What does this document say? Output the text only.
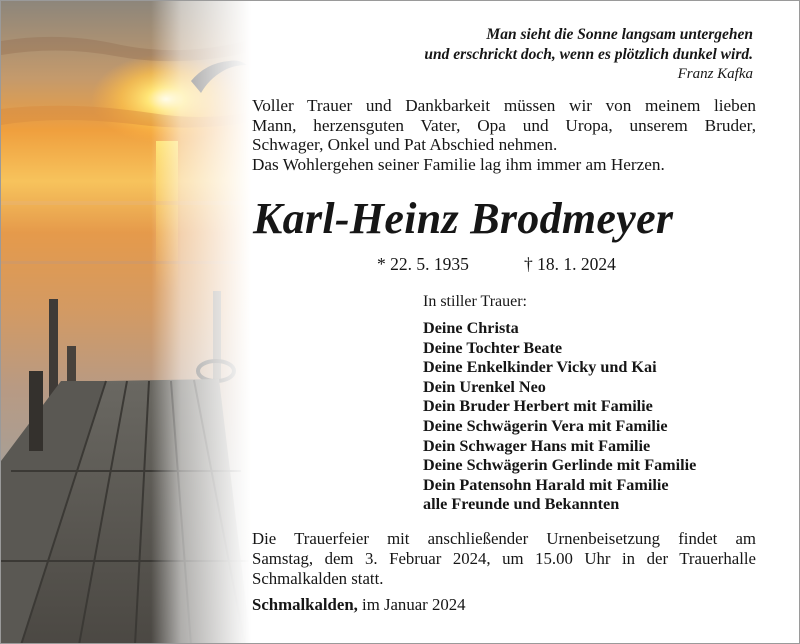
Man sieht die Sonne langsam untergehen
und erschrickt doch, wenn es plötzlich dunkel wird.
Franz Kafka
Voller Trauer und Dankbarkeit müssen wir von meinem lieben
Mann, herzensguten Vater, Opa und Uropa, unserem Bruder,
Schwager, Onkel und Pat Abschied nehmen.
Das Wohlergehen seiner Familie lag ihm immer am Herzen.
Karl-Heinz Brodmeyer
* 22. 5. 1935	† 18. 1. 2024
In stiller Trauer:
Deine Christa
Deine Tochter Beate
Deine Enkelkinder Vicky und Kai
Dein Urenkel Neo
Dein Bruder Herbert mit Familie
Deine Schwägerin Vera mit Familie
Dein Schwager Hans mit Familie
Deine Schwägerin Gerlinde mit Familie
Dein Patensohn Harald mit Familie
alle Freunde und Bekannten
Die Trauerfeier mit anschließender Urnenbeisetzung findet am
Samstag, dem 3. Februar 2024, um 15.00 Uhr in der Trauerhalle
Schmalkalden statt.
Schmalkalden, im Januar 2024
